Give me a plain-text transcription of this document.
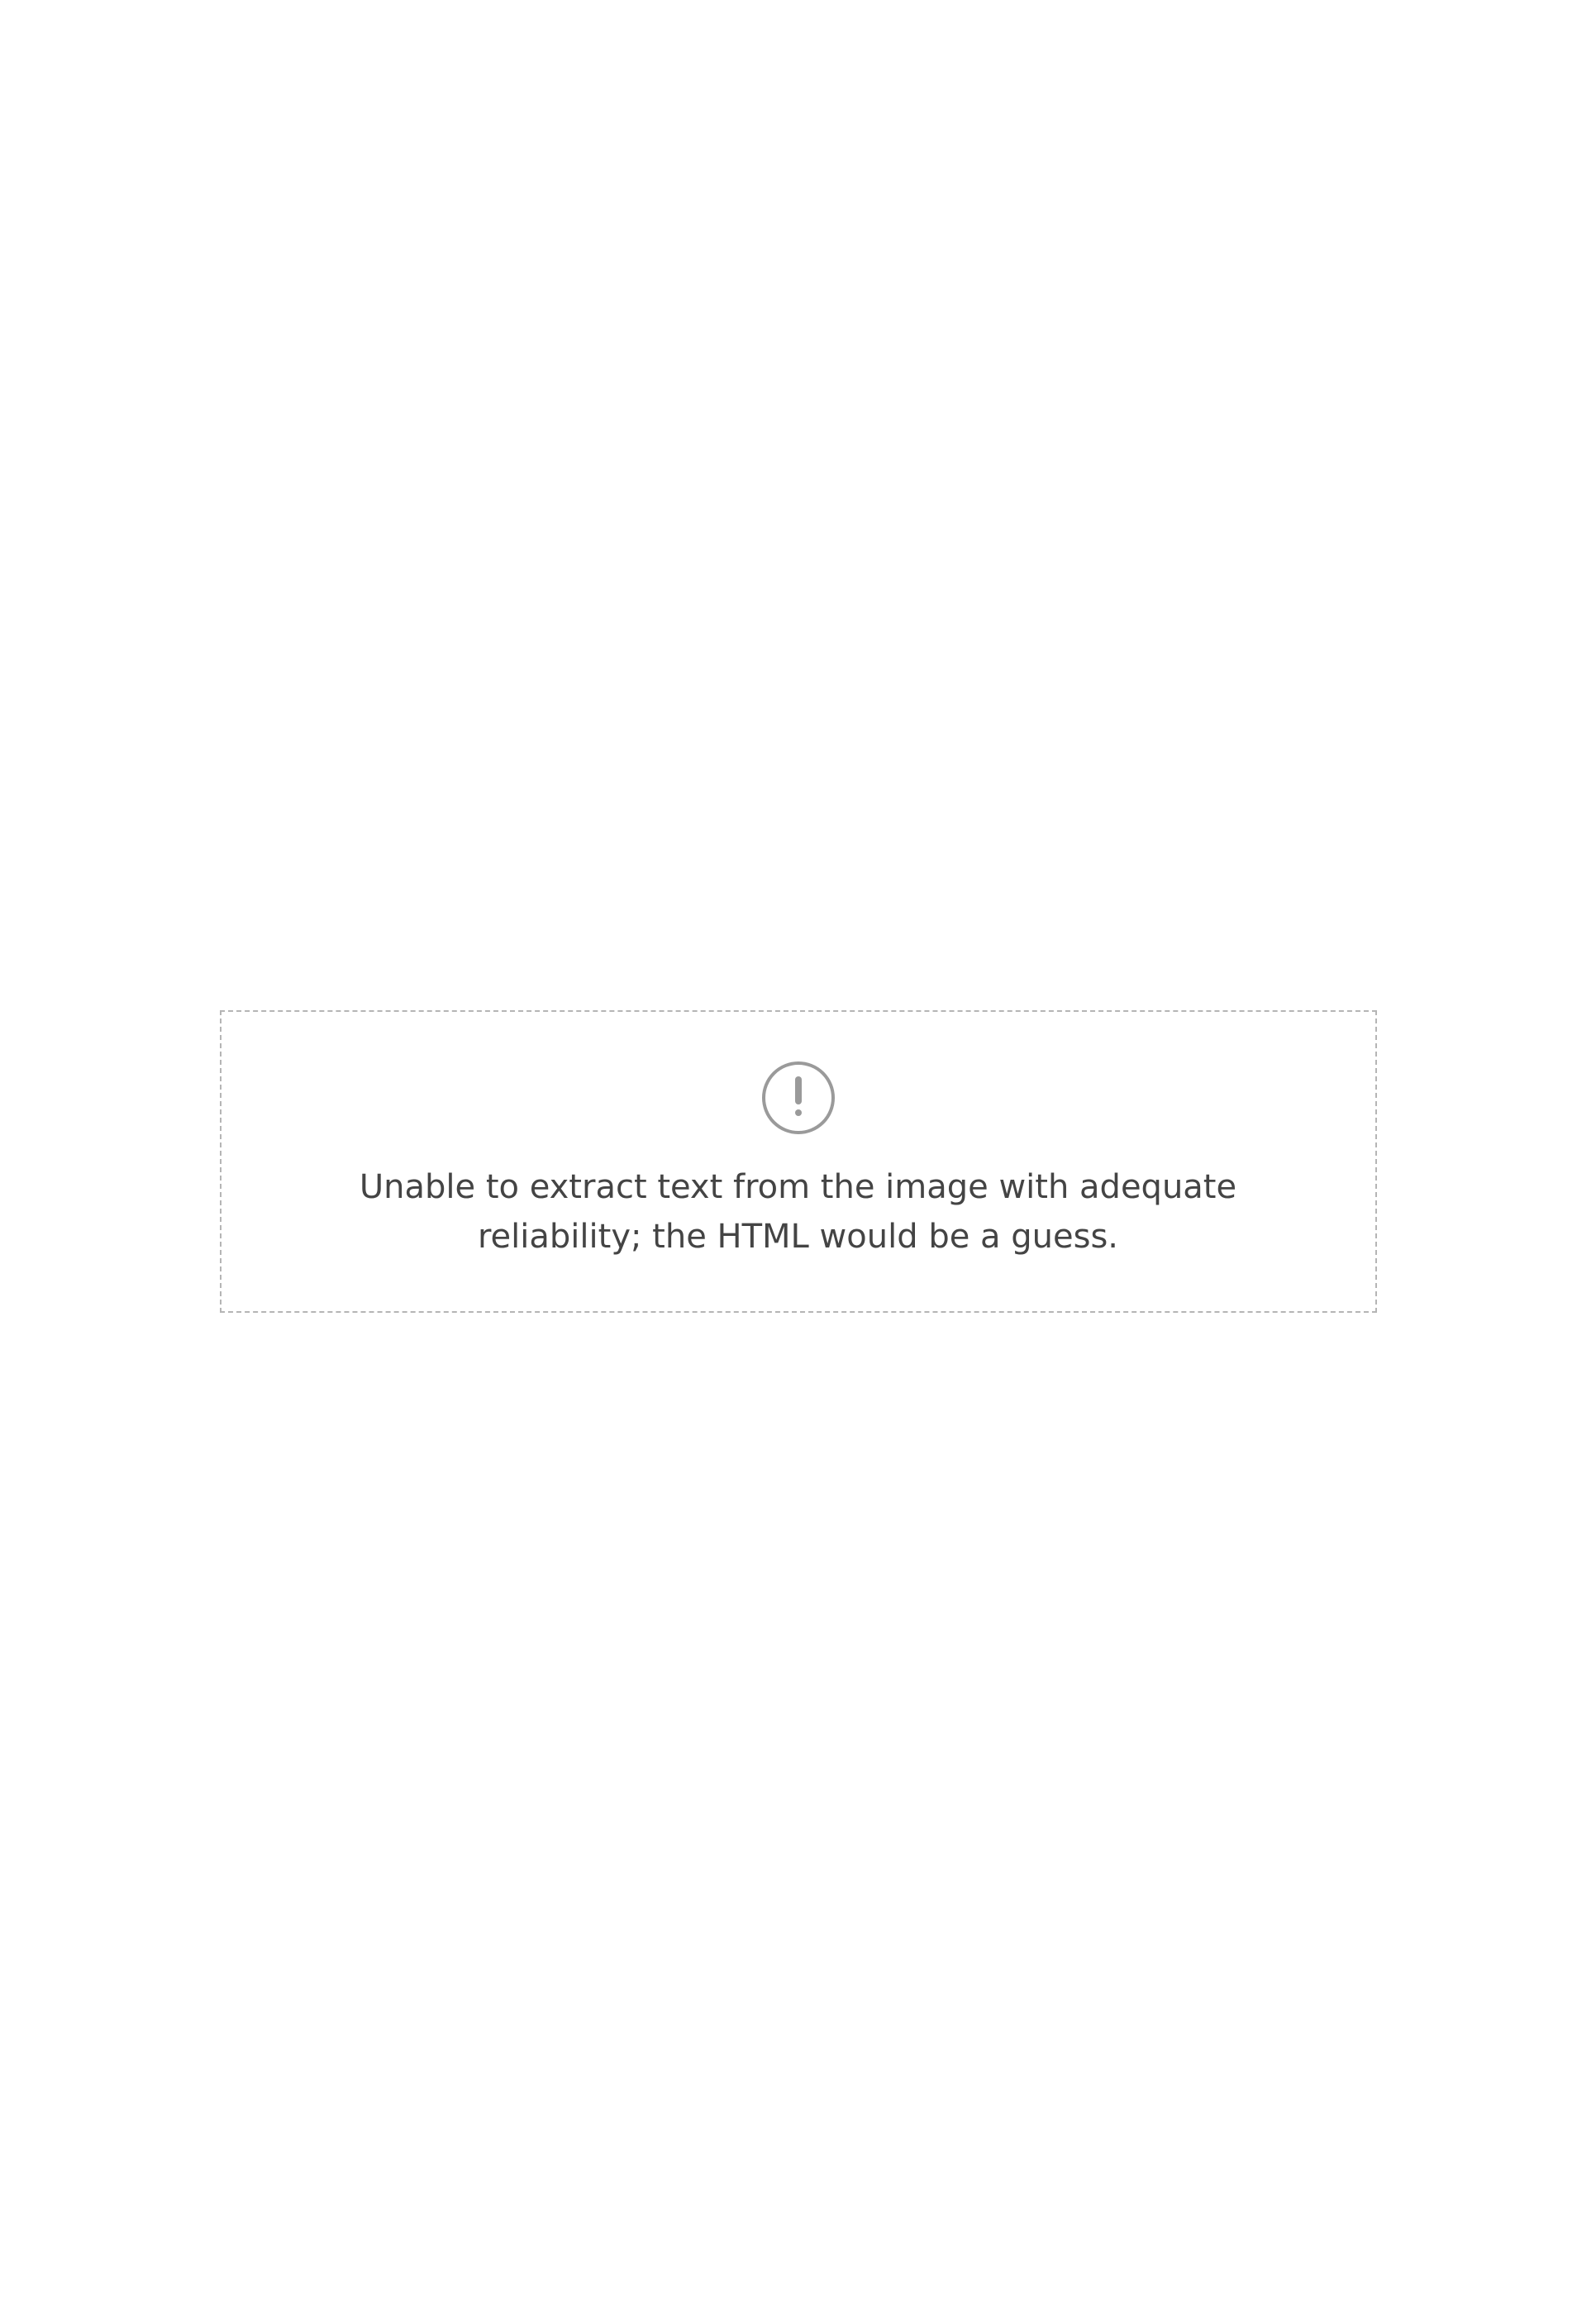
Unable to extract text from the image with adequate reliability; the HTML would be a guess.
